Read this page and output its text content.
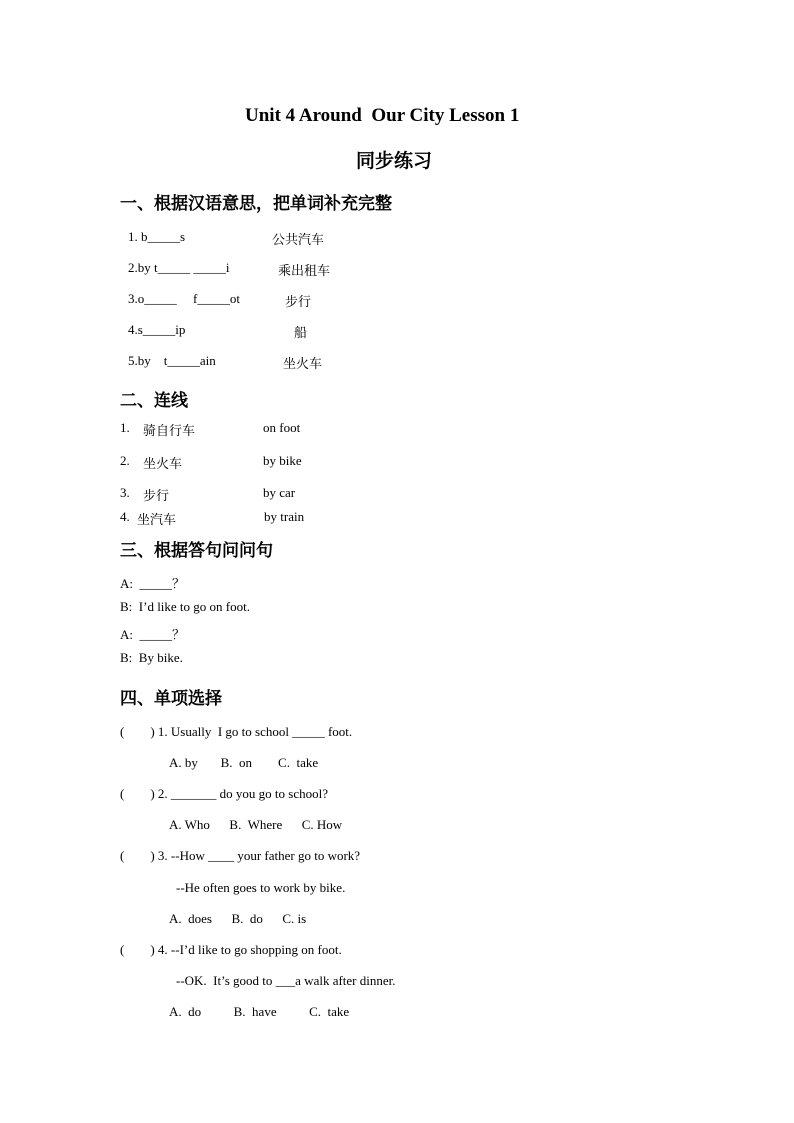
Unit 4 Around  Our City Lesson 1
同步练习
一、根据汉语意思，把单词补充完整
1. b_____s	公共汽车
2.by t_____ _____i	乘出租车
3.o_____     f_____ot	步行
4.s_____ip	船
5.by    t_____ain	坐火车
二、连线
1. 骑自行车	on foot
2. 坐火车	by bike
3. 步行	by car
4. 坐汽车	by train
三、根据答句问问句
A:  _____？
B:  I’d like to go on foot.
A:  _____？
B:  By bike.
四、单项选择
(        ) 1. Usually  I go to school _____ foot.
A. by       B.  on        C.  take
(        ) 2. _______ do you go to school?
A. Who      B.  Where      C. How
(        ) 3. --How ____ your father go to work?
--He often goes to work by bike.
A.  does      B.  do      C. is
(        ) 4. --I’d like to go shopping on foot.
--OK.  It’s good to ___a walk after dinner.
A.  do          B.  have          C.  take
